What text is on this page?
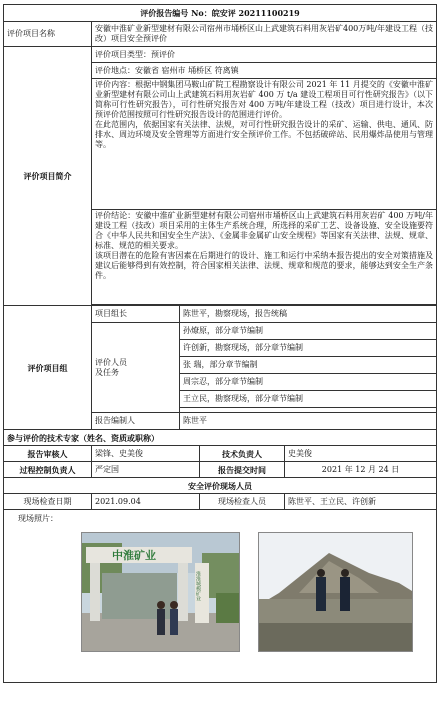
评价报告编号 No：皖安评 20211100219				
评价项目名称	安徽中淮矿业新型建材有限公司宿州市埇桥区山上武建筑石料用灰岩矿400万吨/年建设工程（技改）项目安全预评价			
评价项目简介	评价项目类型：预评价			
	评价地点：安徽省 宿州市 埇桥区 符离镇			
	评价内容：根据中钢集团马鞍山矿院工程勘察设计有限公司 2021 年 11 月提交的《安徽中淮矿业新型建材有限公司山上武建筑石料用灰岩矿 400 万 t/a 建设工程项目可行性研究报告》（以下简称可行性研究报告），可行性研究报告对 400 万吨/年建设工程（技改）项目进行设计，本次预评价范围按照可行性研究报告设计的范围进行评价。
在此范围内，依据国家有关法律、法规，对可行性研究报告设计的采矿、运输、供电、通风、防排水、周边环境及安全管理等方面进行安全预评价工作。不包括破碎站、民用爆炸品使用与管理等。			
	评价结论：安徽中淮矿业新型建材有限公司宿州市埇桥区山上武建筑石料用灰岩矿 400 万吨/年建设工程（技改）项目采用的主体生产系统合理，所选择的采矿工艺、设备设施、安全设施要符合《中华人民共和国安全生产法》、《金属非金属矿山安全规程》等国家有关法律、法规、规章、标准、规范的相关要求。
该项目潜在的危险有害因素在后期进行的设计、施工和运行中采纳本报告提出的安全对策措施及建议后能够得到有效控制，符合国家相关法律、法规、规章和规范的要求，能够达到安全生产条件。			

评价项目组	项目组长	陈世平，勘察现场，报告统稿		
	评价人员
及任务	孙燎原，部分章节编制		
		许创新，勘察现场，部分章节编制		
		张 瑞，部分章节编制		
		周宗忍，部分章节编制		
		王立民，勘察现场，部分章节编制		

	报告编制人	陈世平		
参与评价的技术专家（姓名、资质或职称）				
报告审核人	梁锋、史美俊		技术负责人	史美俊
过程控制负责人	严定国		报告提交时间	2021 年 12 月 24 日
安全评价现场人员				
现场检查日期	2021.09.04		现场检查人员	陈世平、王立民、许创新

现场照片：
中淮矿业
淮淮城模矿业				
